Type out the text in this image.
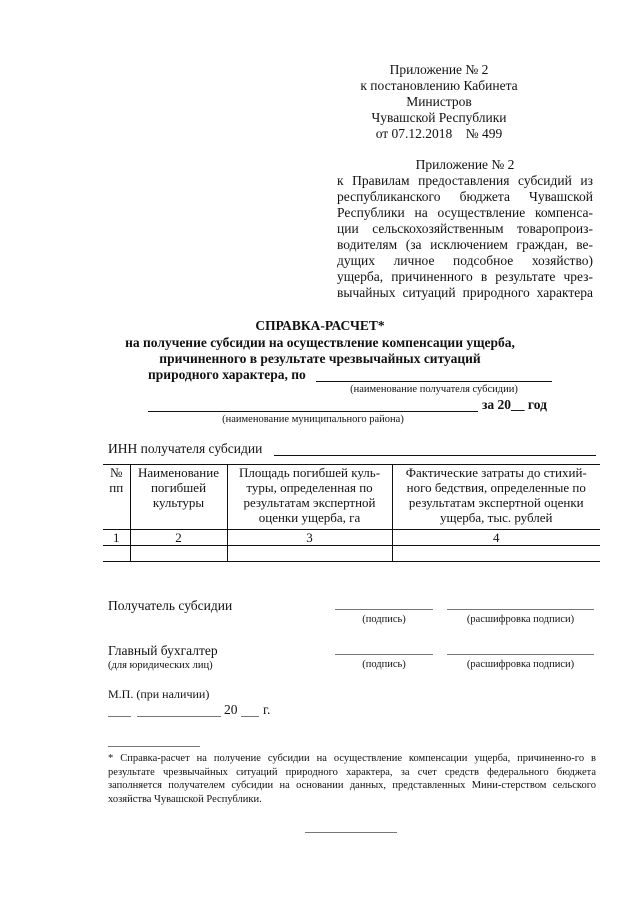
Приложение № 2
к постановлению Кабинета Министров
Чувашской Республики
от 07.12.2018    № 499
Приложение № 2
к Правилам предоставления субсидий из
республиканского бюджета Чувашской
Республики на осуществление компенса-
ции сельскохозяйственным товаропроиз-
водителям (за исключением граждан, ве-
дущих личное подсобное хозяйство)
ущерба, причиненного в результате чрез-
вычайных ситуаций природного характера
СПРАВКА-РАСЧЕТ*
на получение субсидии на осуществление компенсации ущерба,
причиненного в результате чрезвычайных ситуаций
природного характера, по
(наименование получателя субсидии)
за 20__ год
(наименование муниципального района)
ИНН получателя субсидии
№ пп	Наименование погибшей культуры	Площадь погибшей куль-туры, определенная по результатам экспертной оценки ущерба, га	Фактические затраты до стихий-ного бедствия, определенные по результатам экспертной оценки ущерба, тыс. рублей
1	2	3	4

Получатель субсидии
(подпись)	(расшифровка подписи)
Главный бухгалтер
(для юридических лиц)	(подпись)	(расшифровка подписи)
М.П. (при наличии)
20 г.
* Справка-расчет на получение субсидии на осуществление компенсации ущерба, причиненно-го в результате чрезвычайных ситуаций природного характера, за счет средств федерального бюджета заполняется получателем субсидии на основании данных, представленных Мини-стерством сельского хозяйства Чувашской Республики.
